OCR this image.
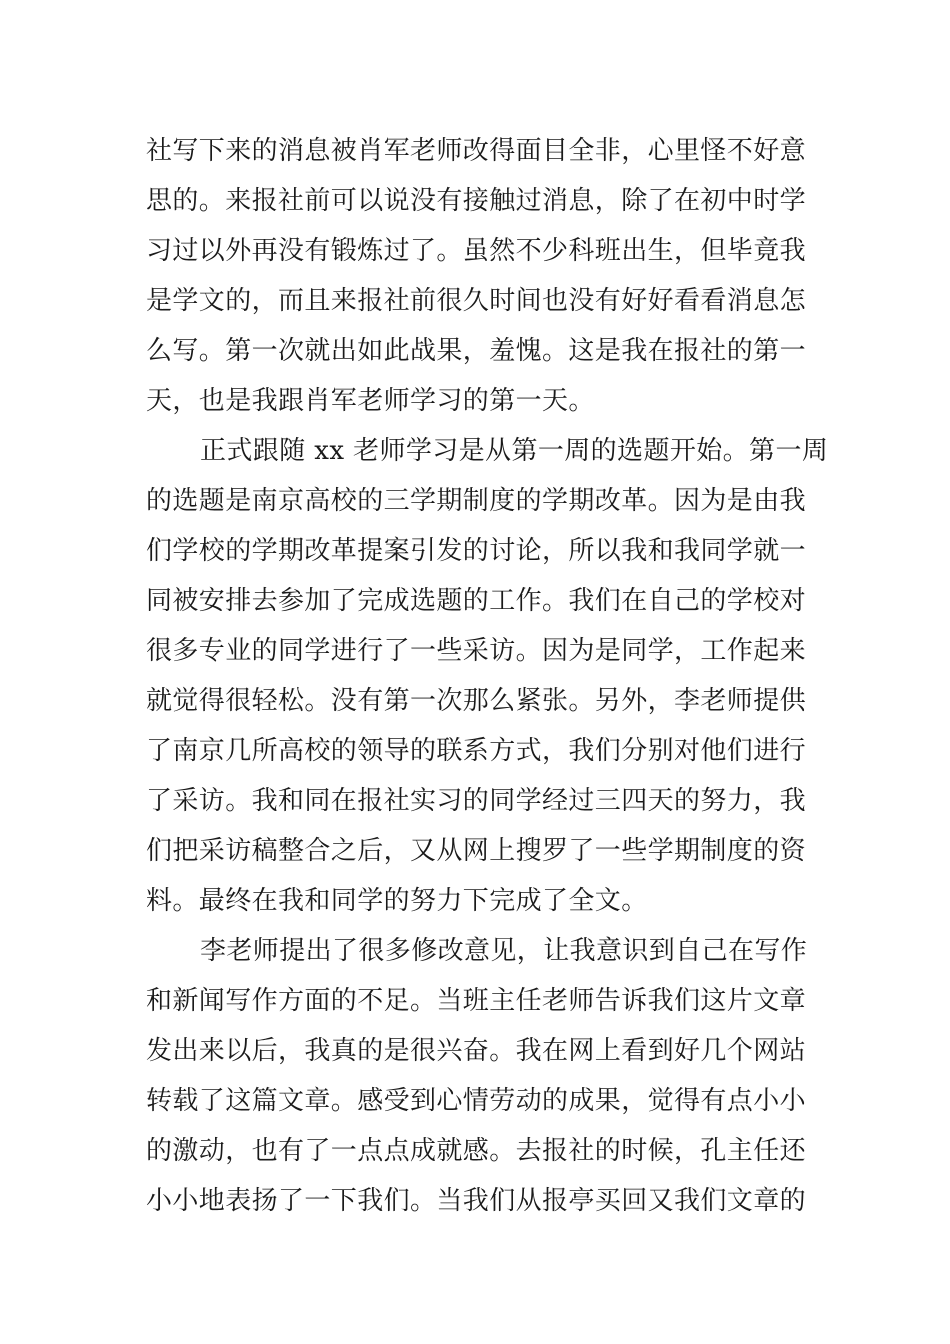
社写下来的消息被肖军老师改得面目全非，心里怪不好意
思的。来报社前可以说没有接触过消息，除了在初中时学
习过以外再没有锻炼过了。虽然不少科班出生，但毕竟我
是学文的，而且来报社前很久时间也没有好好看看消息怎
么写。第一次就出如此战果，羞愧。这是我在报社的第一
天，也是我跟肖军老师学习的第一天。
正式跟随 xx 老师学习是从第一周的选题开始。第一周
的选题是南京高校的三学期制度的学期改革。因为是由我
们学校的学期改革提案引发的讨论，所以我和我同学就一
同被安排去参加了完成选题的工作。我们在自己的学校对
很多专业的同学进行了一些采访。因为是同学，工作起来
就觉得很轻松。没有第一次那么紧张。另外，李老师提供
了南京几所高校的领导的联系方式，我们分别对他们进行
了采访。我和同在报社实习的同学经过三四天的努力，我
们把采访稿整合之后，又从网上搜罗了一些学期制度的资
料。最终在我和同学的努力下完成了全文。
李老师提出了很多修改意见，让我意识到自己在写作
和新闻写作方面的不足。当班主任老师告诉我们这片文章
发出来以后，我真的是很兴奋。我在网上看到好几个网站
转载了这篇文章。感受到心情劳动的成果，觉得有点小小
的激动，也有了一点点成就感。去报社的时候，孔主任还
小小地表扬了一下我们。当我们从报亭买回又我们文章的
